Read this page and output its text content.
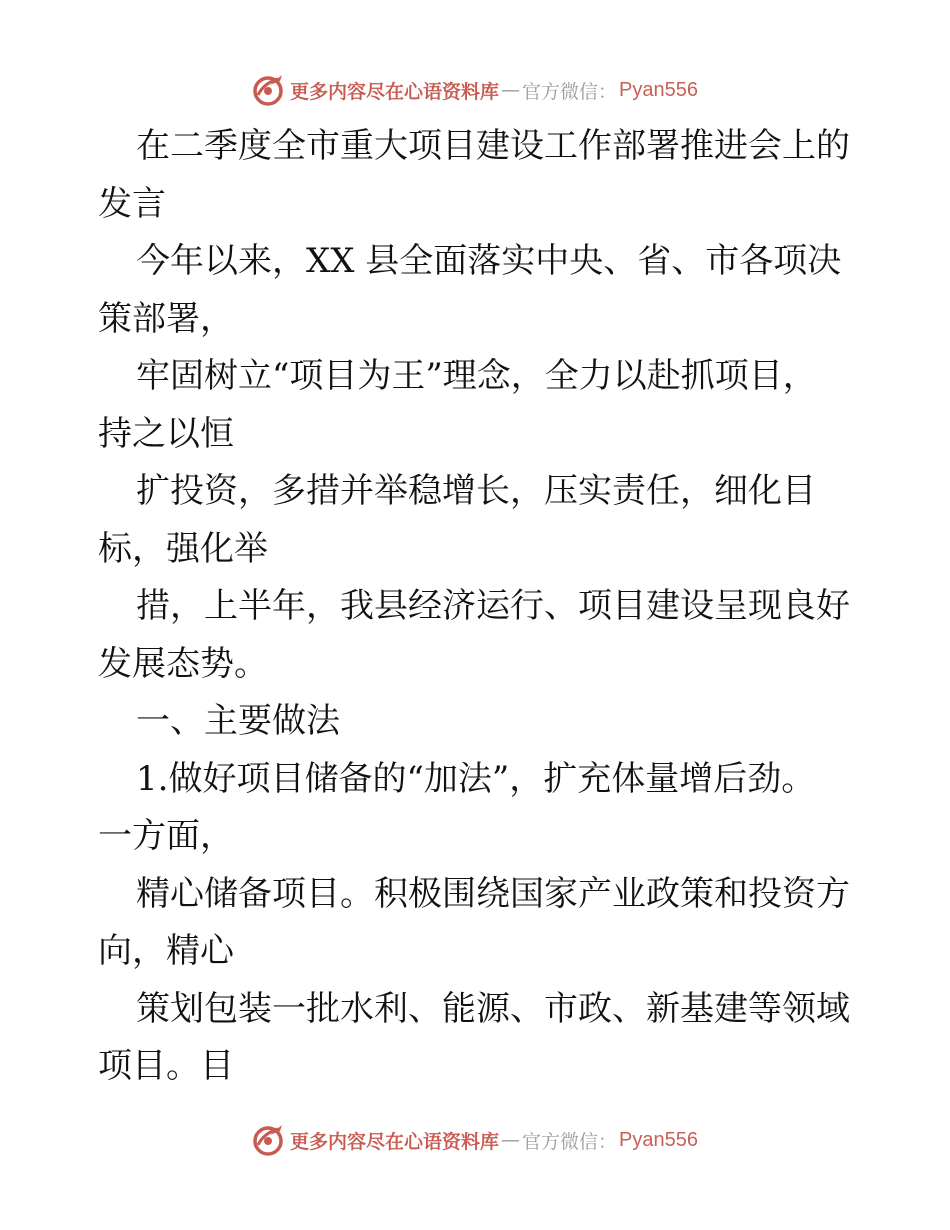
更多内容尽在心语资料库 — 官方微信： Pyan556

在二季度全市重大项目建设工作部署推进会上的

发言

今年以来，XX 县全面落实中央、省、市各项决

策部署，

牢固树立“项目为王”理念，全力以赴抓项目，

持之以恒

扩投资，多措并举稳增长，压实责任，细化目

标，强化举

措，上半年，我县经济运行、项目建设呈现良好

发展态势。

一、主要做法

1.做好项目储备的“加法”，扩充体量增后劲。

一方面，

精心储备项目。积极围绕国家产业政策和投资方

向，精心

策划包装一批水利、能源、市政、新基建等领域

项目。目

更多内容尽在心语资料库 — 官方微信： Pyan556
